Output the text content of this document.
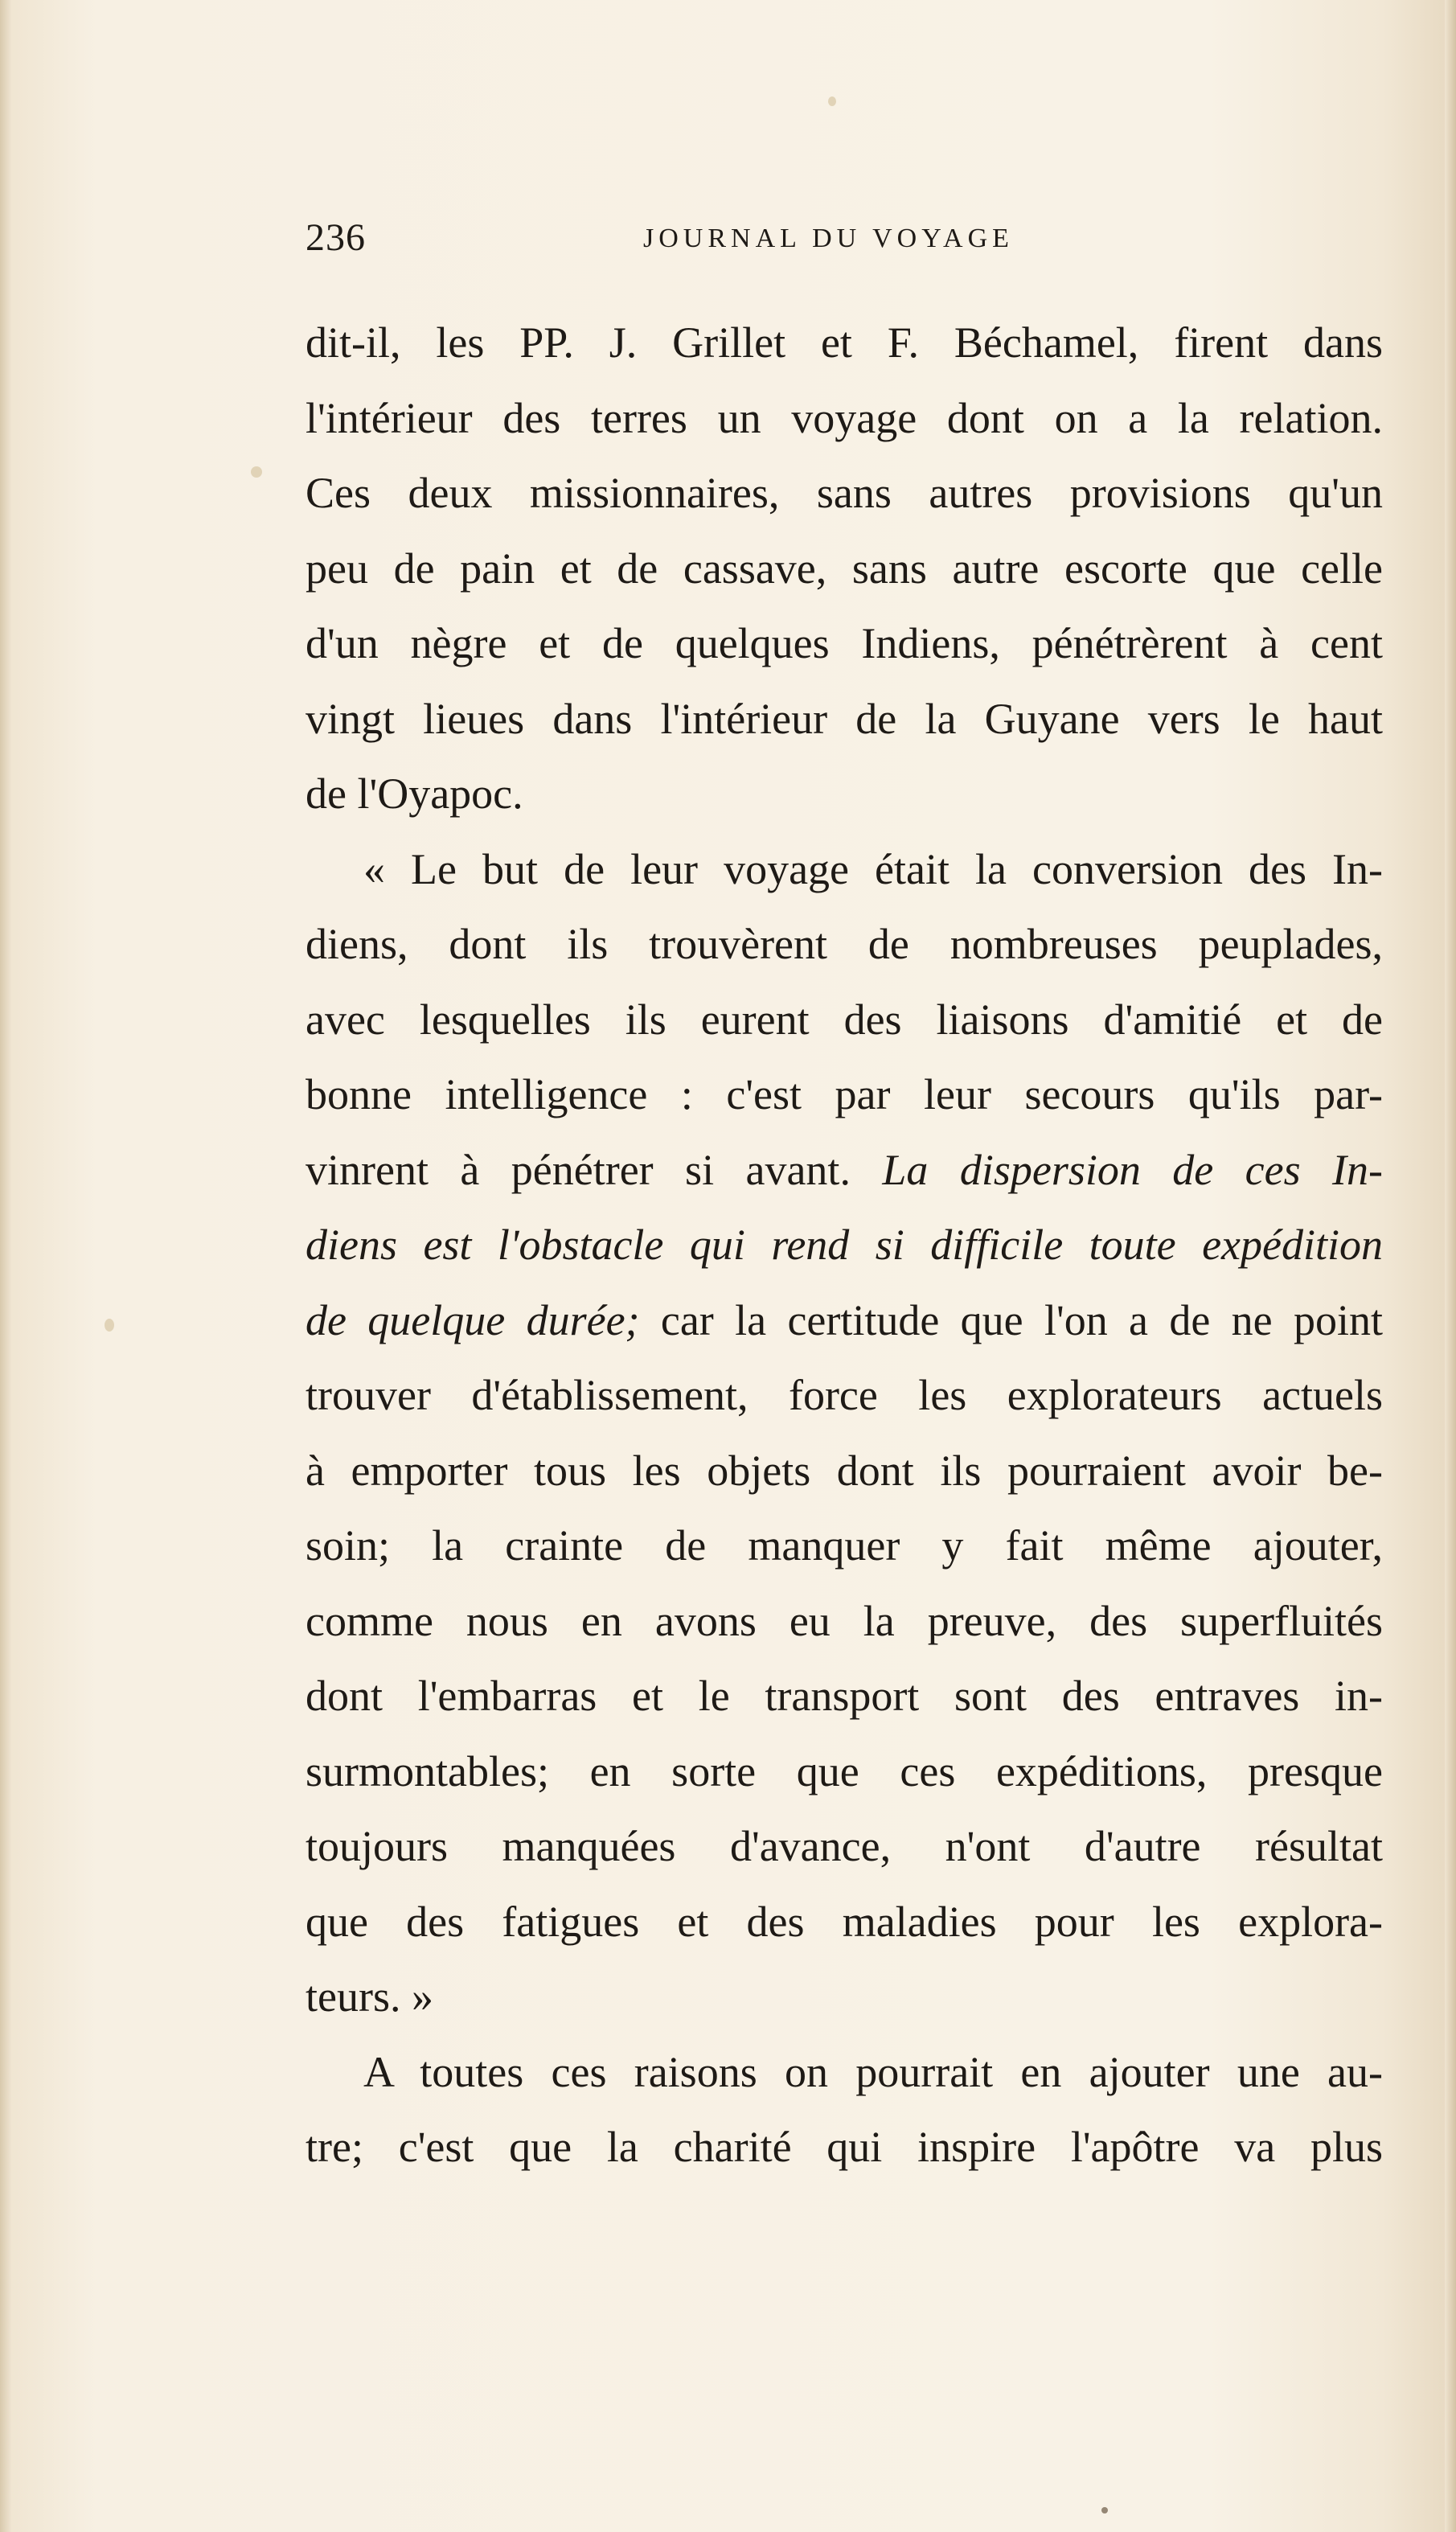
236	JOURNAL DU VOYAGE
dit-il, les PP. J. Grillet et F. Béchamel, firent dans
l'intérieur des terres un voyage dont on a la relation.
Ces deux missionnaires, sans autres provisions qu'un
peu de pain et de cassave, sans autre escorte que celle
d'un nègre et de quelques Indiens, pénétrèrent à cent
vingt lieues dans l'intérieur de la Guyane vers le haut
de l'Oyapoc.
« Le but de leur voyage était la conversion des In-
diens, dont ils trouvèrent de nombreuses peuplades,
avec lesquelles ils eurent des liaisons d'amitié et de
bonne intelligence : c'est par leur secours qu'ils par-
vinrent à pénétrer si avant. La dispersion de ces In-
diens est l'obstacle qui rend si difficile toute expédition
de quelque durée; car la certitude que l'on a de ne point
trouver d'établissement, force les explorateurs actuels
à emporter tous les objets dont ils pourraient avoir be-
soin; la crainte de manquer y fait même ajouter,
comme nous en avons eu la preuve, des superfluités
dont l'embarras et le transport sont des entraves in-
surmontables; en sorte que ces expéditions, presque
toujours manquées d'avance, n'ont d'autre résultat
que des fatigues et des maladies pour les explora-
teurs. »
A toutes ces raisons on pourrait en ajouter une au-
tre; c'est que la charité qui inspire l'apôtre va plus
